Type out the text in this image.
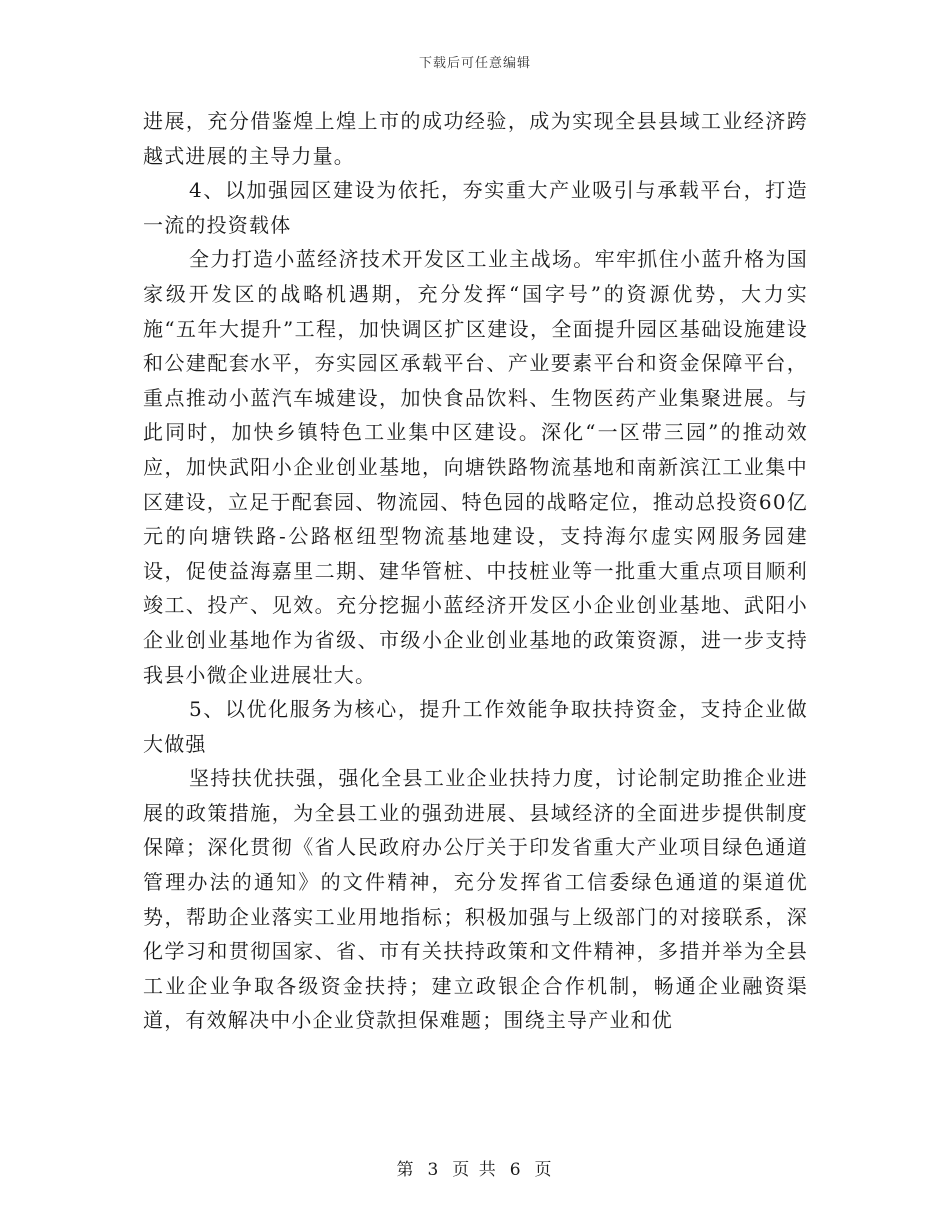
下载后可任意编辑

进展，充分借鉴煌上煌上市的成功经验，成为实现全县县域工业经济跨越式进展的主导力量。

4、以加强园区建设为依托，夯实重大产业吸引与承载平台，打造一流的投资载体

全力打造小蓝经济技术开发区工业主战场。牢牢抓住小蓝升格为国家级开发区的战略机遇期，充分发挥“国字号”的资源优势，大力实施“五年大提升”工程，加快调区扩区建设，全面提升园区基础设施建设和公建配套水平，夯实园区承载平台、产业要素平台和资金保障平台，重点推动小蓝汽车城建设，加快食品饮料、生物医药产业集聚进展。与此同时，加快乡镇特色工业集中区建设。深化“一区带三园”的推动效应，加快武阳小企业创业基地，向塘铁路物流基地和南新滨江工业集中区建设，立足于配套园、物流园、特色园的战略定位，推动总投资60亿元的向塘铁路-公路枢纽型物流基地建设，支持海尔虚实网服务园建设，促使益海嘉里二期、建华管桩、中技桩业等一批重大重点项目顺利竣工、投产、见效。充分挖掘小蓝经济开发区小企业创业基地、武阳小企业创业基地作为省级、市级小企业创业基地的政策资源，进一步支持我县小微企业进展壮大。

5、以优化服务为核心，提升工作效能争取扶持资金，支持企业做大做强

坚持扶优扶强，强化全县工业企业扶持力度，讨论制定助推企业进展的政策措施，为全县工业的强劲进展、县域经济的全面进步提供制度保障；深化贯彻《省人民政府办公厅关于印发省重大产业项目绿色通道管理办法的通知》的文件精神，充分发挥省工信委绿色通道的渠道优势，帮助企业落实工业用地指标；积极加强与上级部门的对接联系，深化学习和贯彻国家、省、市有关扶持政策和文件精神，多措并举为全县工业企业争取各级资金扶持；建立政银企合作机制，畅通企业融资渠道，有效解决中小企业贷款担保难题；围绕主导产业和优

第 3 页 共 6 页
